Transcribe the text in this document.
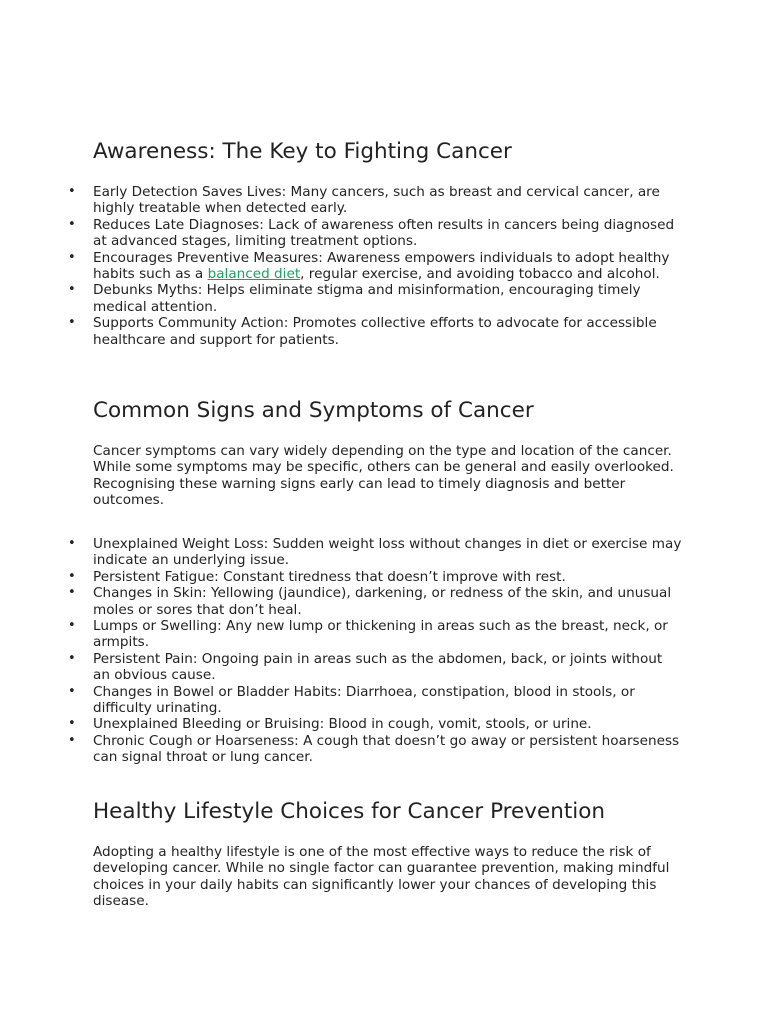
Awareness: The Key to Fighting Cancer
• Early Detection Saves Lives: Many cancers, such as breast and cervical cancer, are highly treatable when detected early.
• Reduces Late Diagnoses: Lack of awareness often results in cancers being diagnosed at advanced stages, limiting treatment options.
• Encourages Preventive Measures: Awareness empowers individuals to adopt healthy habits such as a balanced diet, regular exercise, and avoiding tobacco and alcohol.
• Debunks Myths: Helps eliminate stigma and misinformation, encouraging timely medical attention.
• Supports Community Action: Promotes collective efforts to advocate for accessible healthcare and support for patients.
Common Signs and Symptoms of Cancer

Cancer symptoms can vary widely depending on the type and location of the cancer. While some symptoms may be specific, others can be general and easily overlooked. Recognising these warning signs early can lead to timely diagnosis and better outcomes.

• Unexplained Weight Loss: Sudden weight loss without changes in diet or exercise may indicate an underlying issue.
• Persistent Fatigue: Constant tiredness that doesn’t improve with rest.
• Changes in Skin: Yellowing (jaundice), darkening, or redness of the skin, and unusual moles or sores that don’t heal.
• Lumps or Swelling: Any new lump or thickening in areas such as the breast, neck, or armpits.
• Persistent Pain: Ongoing pain in areas such as the abdomen, back, or joints without an obvious cause.
• Changes in Bowel or Bladder Habits: Diarrhoea, constipation, blood in stools, or difficulty urinating.
• Unexplained Bleeding or Bruising: Blood in cough, vomit, stools, or urine.
• Chronic Cough or Hoarseness: A cough that doesn’t go away or persistent hoarseness can signal throat or lung cancer.
Healthy Lifestyle Choices for Cancer Prevention

Adopting a healthy lifestyle is one of the most effective ways to reduce the risk of developing cancer. While no single factor can guarantee prevention, making mindful choices in your daily habits can significantly lower your chances of developing this disease.
